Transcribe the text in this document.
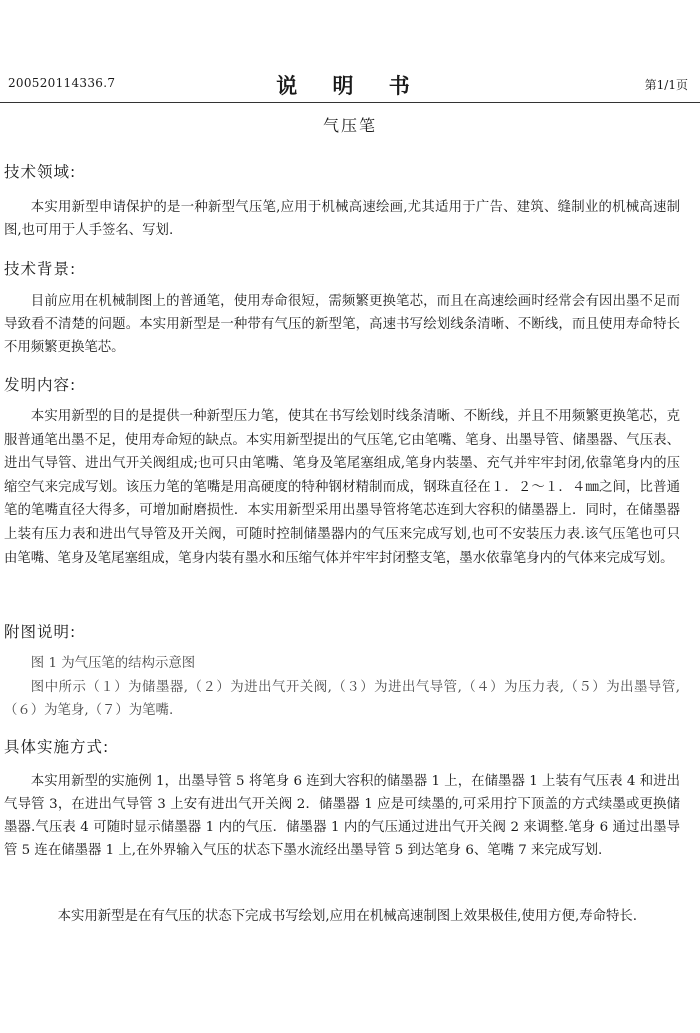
200520114336.7	说 明 书	第1/1页
气压笔
技术领域:
本实用新型申请保护的是一种新型气压笔,应用于机械高速绘画,尤其适用于广告、建筑、缝制业的机械高速制图,也可用于人手签名、写划.
技术背景:
目前应用在机械制图上的普通笔，使用寿命很短，需频繁更换笔芯，而且在高速绘画时经常会有因出墨不足而导致看不清楚的问题。本实用新型是一种带有气压的新型笔，高速书写绘划线条清晰、不断线，而且使用寿命特长不用频繁更换笔芯。
发明内容:
本实用新型的目的是提供一种新型压力笔，使其在书写绘划时线条清晰、不断线，并且不用频繁更换笔芯，克服普通笔出墨不足，使用寿命短的缺点。本实用新型提出的气压笔,它由笔嘴、笔身、出墨导管、储墨器、气压表、进出气导管、进出气开关阀组成;也可只由笔嘴、笔身及笔尾塞组成,笔身内装墨、充气并牢牢封闭,依靠笔身内的压缩空气来完成写划。该压力笔的笔嘴是用高硬度的特种钢材精制而成，钢珠直径在１．２～１．４㎜之间，比普通笔的笔嘴直径大得多，可增加耐磨损性．本实用新型采用出墨导管将笔芯连到大容积的储墨器上．同时，在储墨器上装有压力表和进出气导管及开关阀，可随时控制储墨器内的气压来完成写划,也可不安装压力表.该气压笔也可只由笔嘴、笔身及笔尾塞组成，笔身内装有墨水和压缩气体并牢牢封闭整支笔，墨水依靠笔身内的气体来完成写划。
附图说明:
图 1 为气压笔的结构示意图
图中所示（１）为储墨器,（２）为进出气开关阀,（３）为进出气导管,（４）为压力表,（５）为出墨导管,（６）为笔身,（７）为笔嘴.
具体实施方式:
本实用新型的实施例 1，出墨导管 5 将笔身 6 连到大容积的储墨器 1 上，在储墨器 1 上装有气压表 4 和进出气导管 3，在进出气导管 3 上安有进出气开关阀 2．储墨器 1 应是可续墨的,可采用拧下顶盖的方式续墨或更换储墨器.气压表 4 可随时显示储墨器 1 内的气压．储墨器 1 内的气压通过进出气开关阀 2 来调整.笔身 6 通过出墨导管 5 连在储墨器 1 上,在外界输入气压的状态下墨水流经出墨导管 5 到达笔身 6、笔嘴 7 来完成写划.
本实用新型是在有气压的状态下完成书写绘划,应用在机械高速制图上效果极佳,使用方便,寿命特长.
